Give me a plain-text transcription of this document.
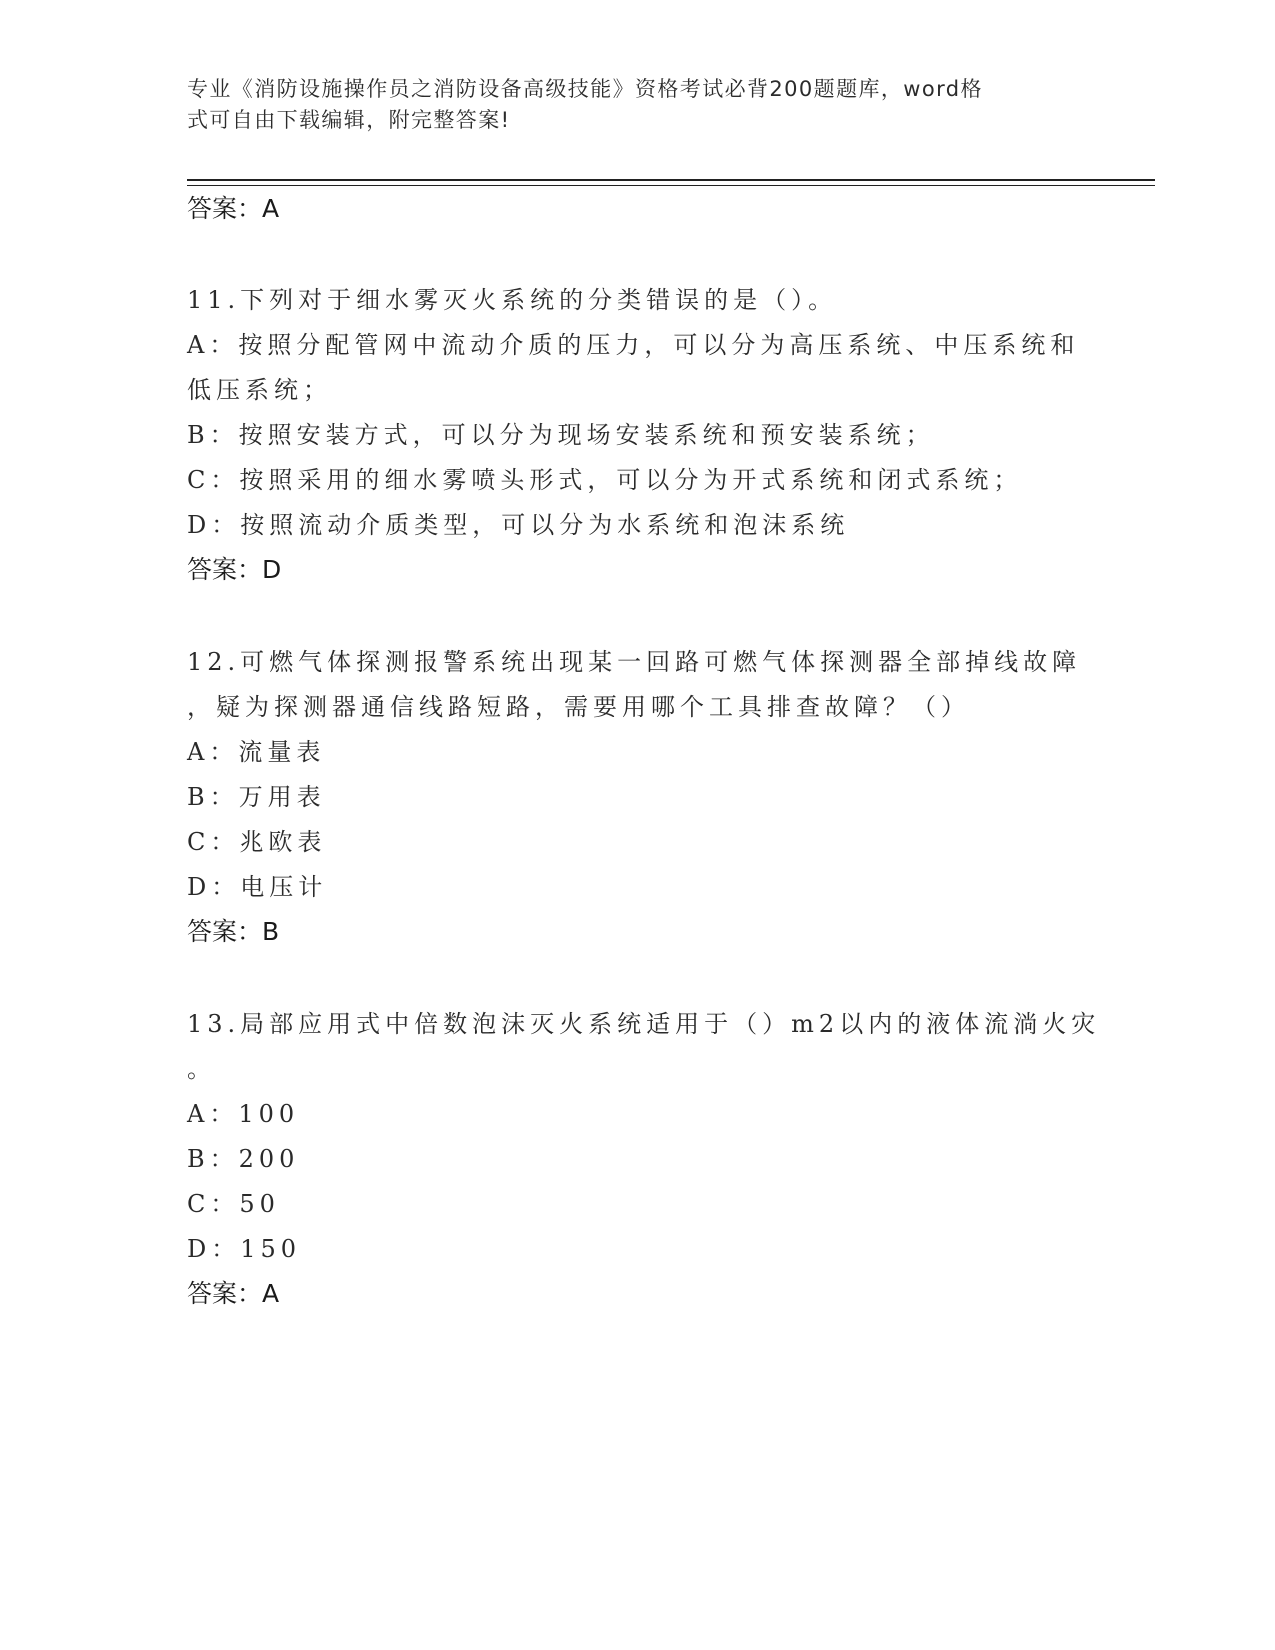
专业《消防设施操作员之消防设备高级技能》资格考试必背200题题库，word格
式可自由下载编辑，附完整答案!
答案：A
11.下列对于细水雾灭火系统的分类错误的是（）。
A：按照分配管网中流动介质的压力，可以分为高压系统、中压系统和
低压系统；
B：按照安装方式，可以分为现场安装系统和预安装系统；
C：按照采用的细水雾喷头形式，可以分为开式系统和闭式系统；
D：按照流动介质类型，可以分为水系统和泡沫系统
答案：D
12.可燃气体探测报警系统出现某一回路可燃气体探测器全部掉线故障
，疑为探测器通信线路短路，需要用哪个工具排查故障？（）
A：流量表
B：万用表
C：兆欧表
D：电压计
答案：B
13.局部应用式中倍数泡沫灭火系统适用于（）m2以内的液体流淌火灾
。
A：100
B：200
C：50
D：150
答案：A
